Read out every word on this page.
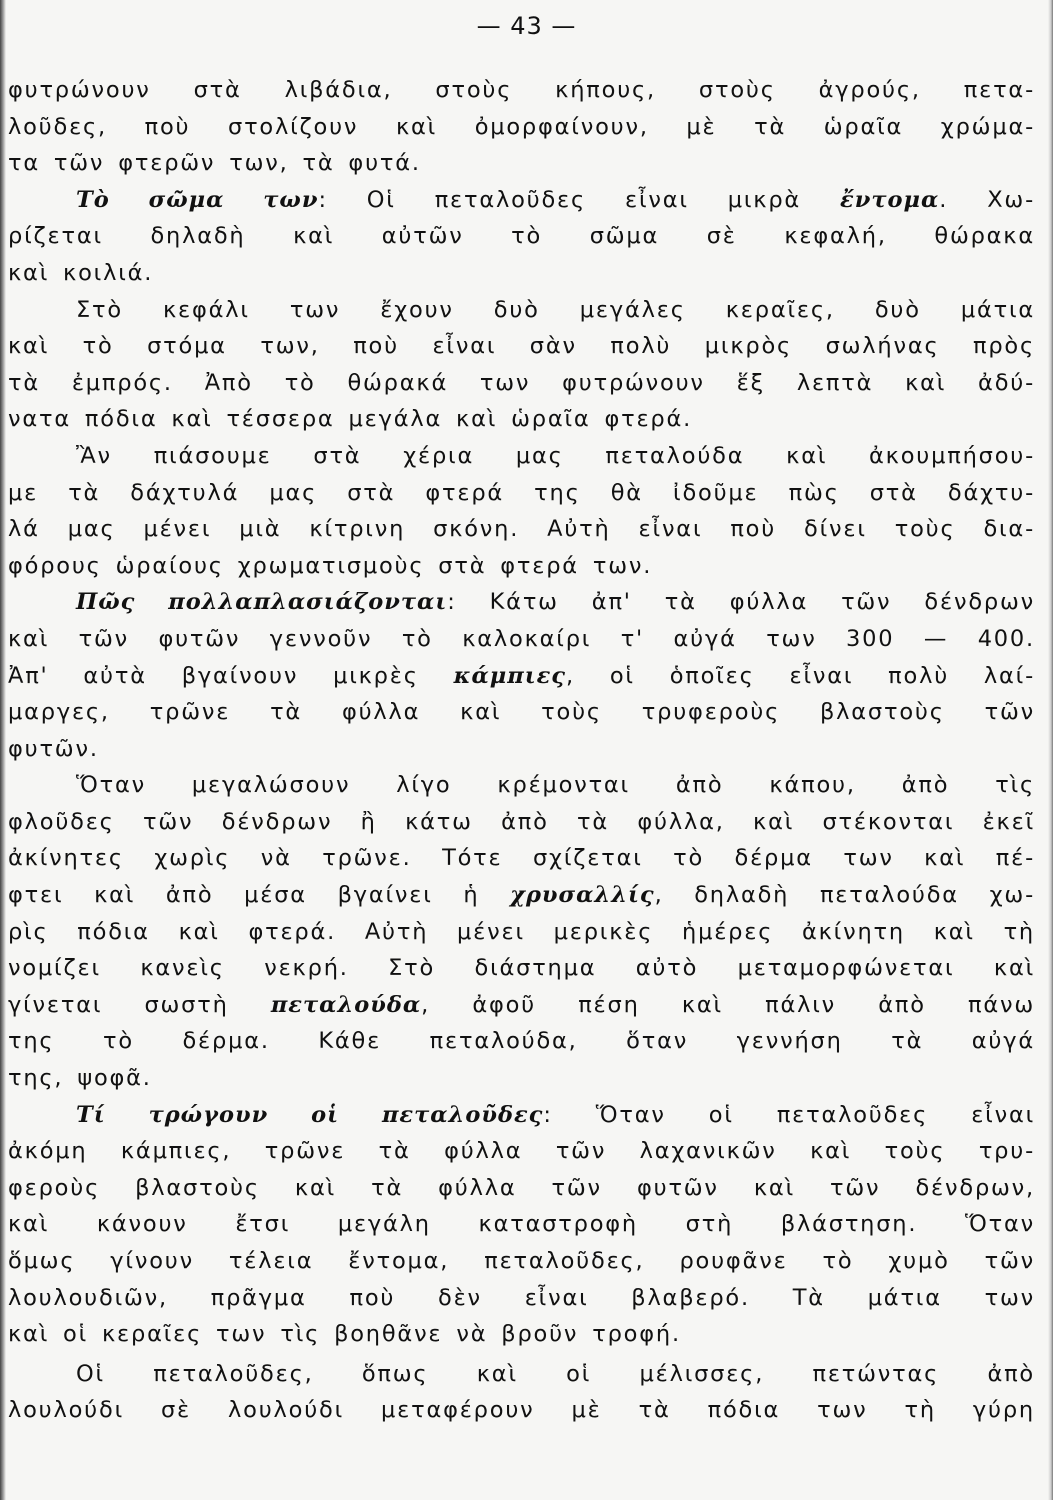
— 43 —
φυτρώνουν στὰ λιβάδια, στοὺς κήπους, στοὺς ἀγρούς, πετα-
λοῦδες, ποὺ στολίζουν καὶ ὀμορφαίνουν, μὲ τὰ ὡραῖα χρώμα-
τα τῶν φτερῶν των, τὰ φυτά.
Τὸ σῶμα των: Οἱ πεταλοῦδες εἶναι μικρὰ ἔντομα. Χω-
ρίζεται δηλαδὴ καὶ αὐτῶν τὸ σῶμα σὲ κεφαλή, θώρακα
καὶ κοιλιά.
Στὸ κεφάλι των ἔχουν δυὸ μεγάλες κεραῖες, δυὸ μάτια
καὶ τὸ στόμα των, ποὺ εἶναι σὰν πολὺ μικρὸς σωλήνας πρὸς
τὰ ἐμπρός. Ἀπὸ τὸ θώρακά των φυτρώνουν ἕξ λεπτὰ καὶ ἀδύ-
νατα πόδια καὶ τέσσερα μεγάλα καὶ ὡραῖα φτερά.
Ἂν πιάσουμε στὰ χέρια μας πεταλούδα καὶ ἀκουμπήσου-
με τὰ δάχτυλά μας στὰ φτερά της θὰ ἰδοῦμε πὼς στὰ δάχτυ-
λά μας μένει μιὰ κίτρινη σκόνη. Αὐτὴ εἶναι ποὺ δίνει τοὺς δια-
φόρους ὡραίους χρωματισμοὺς στὰ φτερά των.
Πῶς πολλαπλασιάζονται: Κάτω ἀπ' τὰ φύλλα τῶν δένδρων
καὶ τῶν φυτῶν γεννοῦν τὸ καλοκαίρι τ' αὐγά των 300 — 400.
Ἀπ' αὐτὰ βγαίνουν μικρὲς κάμπιες, οἱ ὁποῖες εἶναι πολὺ λαί-
μαργες, τρῶνε τὰ φύλλα καὶ τοὺς τρυφεροὺς βλαστοὺς τῶν
φυτῶν.
Ὅταν μεγαλώσουν λίγο κρέμονται ἀπὸ κάπου, ἀπὸ τὶς
φλοῦδες τῶν δένδρων ἢ κάτω ἀπὸ τὰ φύλλα, καὶ στέκονται ἐκεῖ
ἀκίνητες χωρὶς νὰ τρῶνε. Τότε σχίζεται τὸ δέρμα των καὶ πέ-
φτει καὶ ἀπὸ μέσα βγαίνει ἡ χρυσαλλίς, δηλαδὴ πεταλούδα χω-
ρὶς πόδια καὶ φτερά. Αὐτὴ μένει μερικὲς ἡμέρες ἀκίνητη καὶ τὴ
νομίζει κανεὶς νεκρή. Στὸ διάστημα αὐτὸ μεταμορφώνεται καὶ
γίνεται σωστὴ πεταλούδα, ἀφοῦ πέση καὶ πάλιν ἀπὸ πάνω
της τὸ δέρμα. Κάθε πεταλούδα, ὅταν γεννήση τὰ αὐγά
της, ψοφᾶ.
Τί τρώγουν οἱ πεταλοῦδες: Ὅταν οἱ πεταλοῦδες εἶναι
ἀκόμη κάμπιες, τρῶνε τὰ φύλλα τῶν λαχανικῶν καὶ τοὺς τρυ-
φεροὺς βλαστοὺς καὶ τὰ φύλλα τῶν φυτῶν καὶ τῶν δένδρων,
καὶ κάνουν ἔτσι μεγάλη καταστροφὴ στὴ βλάστηση. Ὅταν
ὅμως γίνουν τέλεια ἔντομα, πεταλοῦδες, ρουφᾶνε τὸ χυμὸ τῶν
λουλουδιῶν, πρᾶγμα ποὺ δὲν εἶναι βλαβερό. Τὰ μάτια των
καὶ οἱ κεραῖες των τὶς βοηθᾶνε νὰ βροῦν τροφή.
Οἱ πεταλοῦδες, ὅπως καὶ οἱ μέλισσες, πετώντας ἀπὸ
λουλούδι σὲ λουλούδι μεταφέρουν μὲ τὰ πόδια των τὴ γύρη
